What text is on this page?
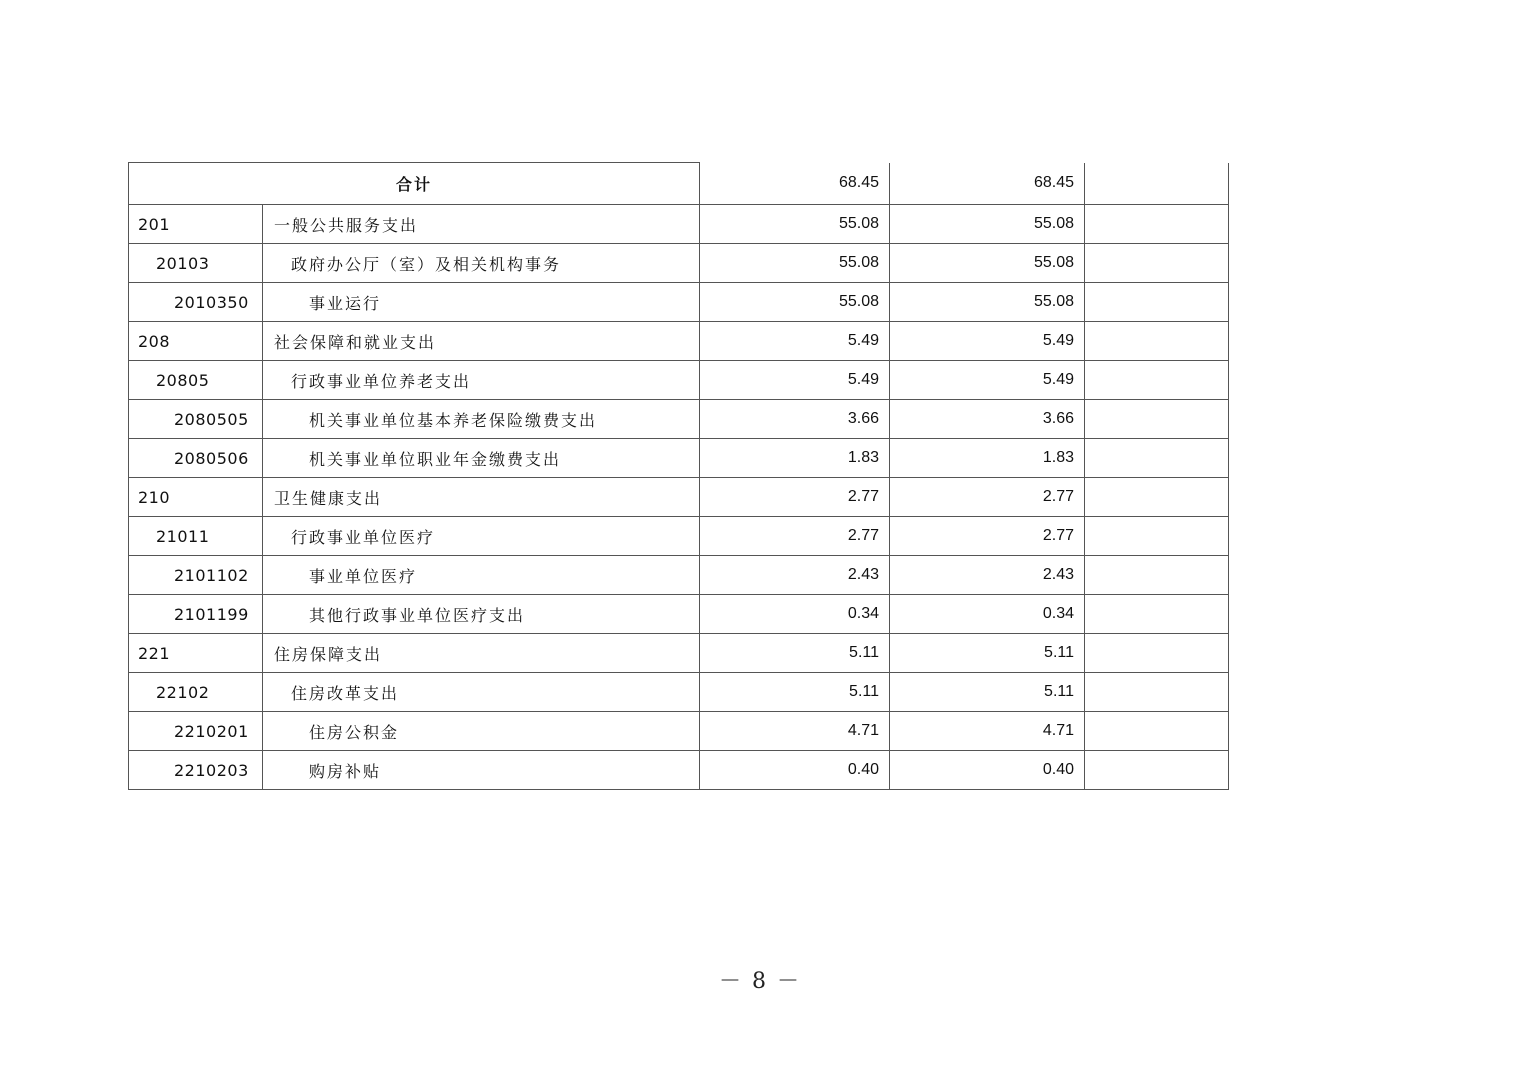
合计		68.45	68.45	
201	一般公共服务支出	55.08	55.08	
20103	政府办公厅（室）及相关机构事务	55.08	55.08	
2010350	事业运行	55.08	55.08	
208	社会保障和就业支出	5.49	5.49	
20805	行政事业单位养老支出	5.49	5.49	
2080505	机关事业单位基本养老保险缴费支出	3.66	3.66	
2080506	机关事业单位职业年金缴费支出	1.83	1.83	
210	卫生健康支出	2.77	2.77	
21011	行政事业单位医疗	2.77	2.77	
2101102	事业单位医疗	2.43	2.43	
2101199	其他行政事业单位医疗支出	0.34	0.34	
221	住房保障支出	5.11	5.11	
22102	住房改革支出	5.11	5.11	
2210201	住房公积金	4.71	4.71	
2210203	购房补贴	0.40	0.40	
－ 8 －
